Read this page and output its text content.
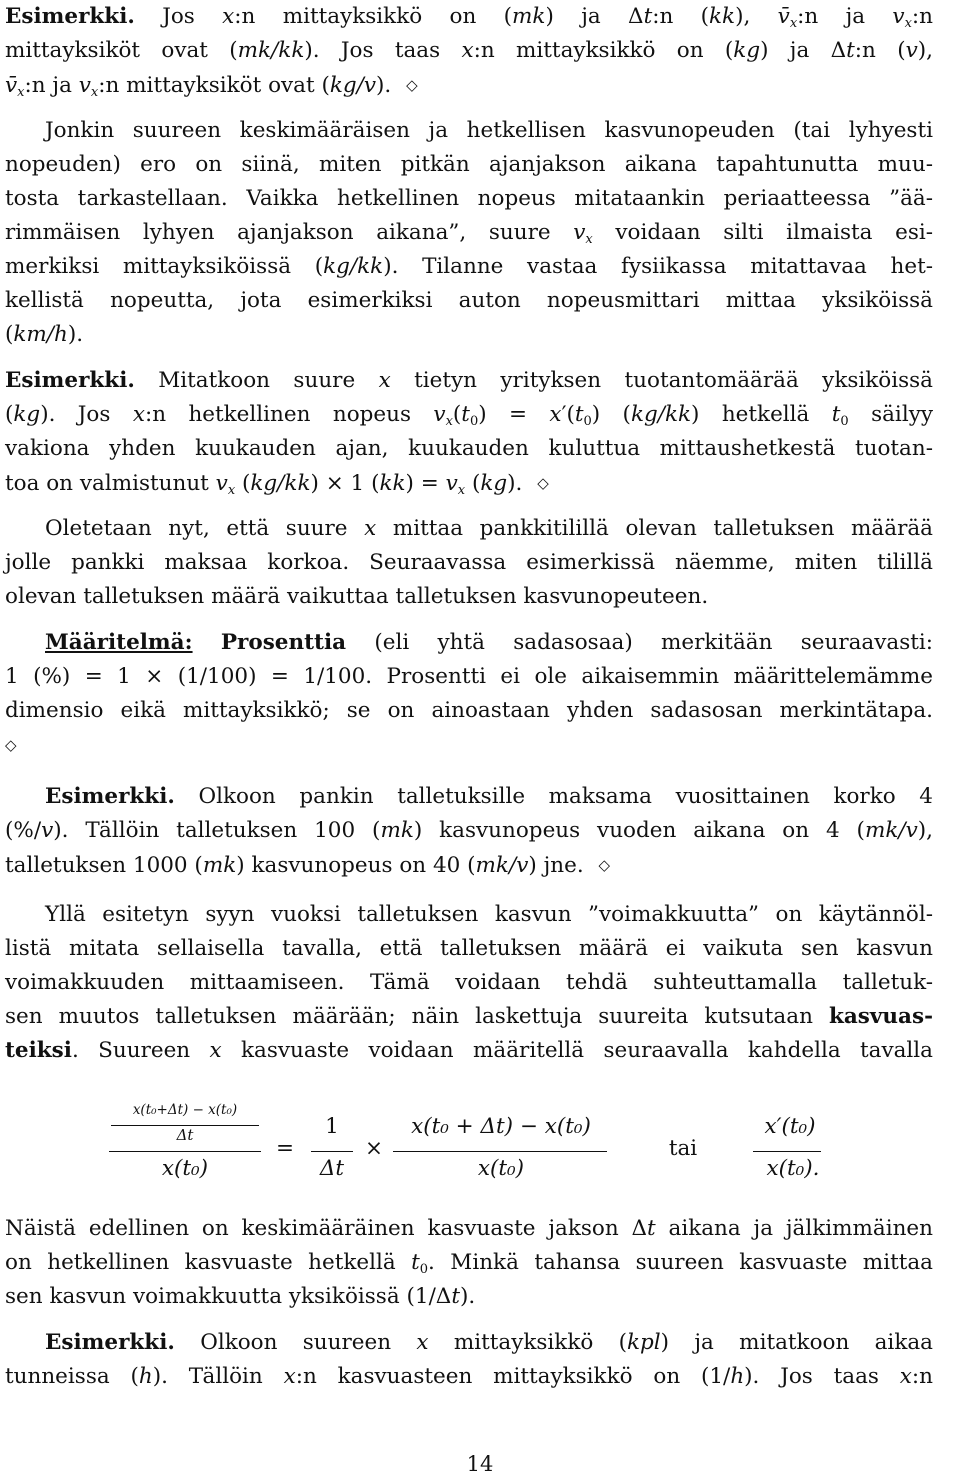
Esimerkki. Jos x:n mittayksikkö on (mk) ja Δt:n (kk), $v̄_x:n$ ja $v_x:n$
mittayksiköt ovat (mk/kk). Jos taas x:n mittayksikkö on (kg) ja Δt:n (v),
$v̄_x:n$ ja $v_x:n$ mittayksiköt ovat (kg/v). ◇
Jonkin suureen keskimääräisen ja hetkellisen kasvunopeuden (tai lyhyesti
nopeuden) ero on siinä, miten pitkän ajanjakson aikana tapahtunutta muu-
tosta tarkastellaan. Vaikka hetkellinen nopeus mitataankin periaatteessa ”ää-
rimmäisen lyhyen ajanjakson aikana”, suure $v_x$ voidaan silti ilmaista esi-
merkiksi mittayksiköissä (kg/kk). Tilanne vastaa fysiikassa mitattavaa het-
kellistä nopeutta, jota esimerkiksi auton nopeusmittari mittaa yksiköissä
(km/h).
Esimerkki. Mitatkoon suure x tietyn yrityksen tuotantomäärää yksiköissä
(kg). Jos x:n hetkellinen nopeus $v_x(t_0) = x'(t_0)$ (kg/kk) hetkellä $t_0$ säilyy
vakiona yhden kuukauden ajan, kuukauden kuluttua mittaushetkestä tuotan-
toa on valmistunut $v_x$ (kg/kk) × 1 $(kk) = v_x$ (kg). ◇
Oletetaan nyt, että suure x mittaa pankkitilillä olevan talletuksen määrää
jolle pankki maksaa korkoa. Seuraavassa esimerkissä näemme, miten tilillä
olevan talletuksen määrä vaikuttaa talletuksen kasvunopeuteen.
Määritelmä: Prosenttia (eli yhtä sadasosaa) merkitään seuraavasti:
1 (%) = 1 × (1/100) = 1/100. Prosentti ei ole aikaisemmin määrittelemämme
dimensio eikä mittayksikkö; se on ainoastaan yhden sadasosan merkintätapa.
◇
Esimerkki. Olkoon pankin talletuksille maksama vuosittainen korko 4
(%/v). Tällöin talletuksen 100 (mk) kasvunopeus vuoden aikana on 4 (mk/v),
talletuksen 1000 (mk) kasvunopeus on 40 (mk/v) jne. ◇
Yllä esitetyn syyn vuoksi talletuksen kasvun ”voimakkuutta” on käytännöl-
listä mitata sellaisella tavalla, että talletuksen määrä ei vaikuta sen kasvun
voimakkuuden mittaamiseen. Tämä voidaan tehdä suhteuttamalla talletuk-
sen muutos talletuksen määrään; näin laskettuja suureita kutsutaan kasvuas-
teiksi. Suureen x kasvuaste voidaan määritellä seuraavalla kahdella tavalla
Näistä edellinen on keskimääräinen kasvuaste jakson Δt aikana ja jälkimmäinen
on hetkellinen kasvuaste hetkellä $t_0$. Minkä tahansa suureen kasvuaste mittaa
sen kasvun voimakkuutta yksiköissä (1/Δt).
Esimerkki. Olkoon suureen x mittayksikkö (kpl) ja mitatkoon aikaa
tunneissa (h). Tällöin x:n kasvuasteen mittayksikkö on (1/h). Jos taas x:n
x(t₀+Δt) − x(t₀)
Δt
x(t₀)
=
1
Δt
×
x(t₀ + Δt) − x(t₀)
x(t₀)
tai
x′(t₀)
x(t₀).
14
